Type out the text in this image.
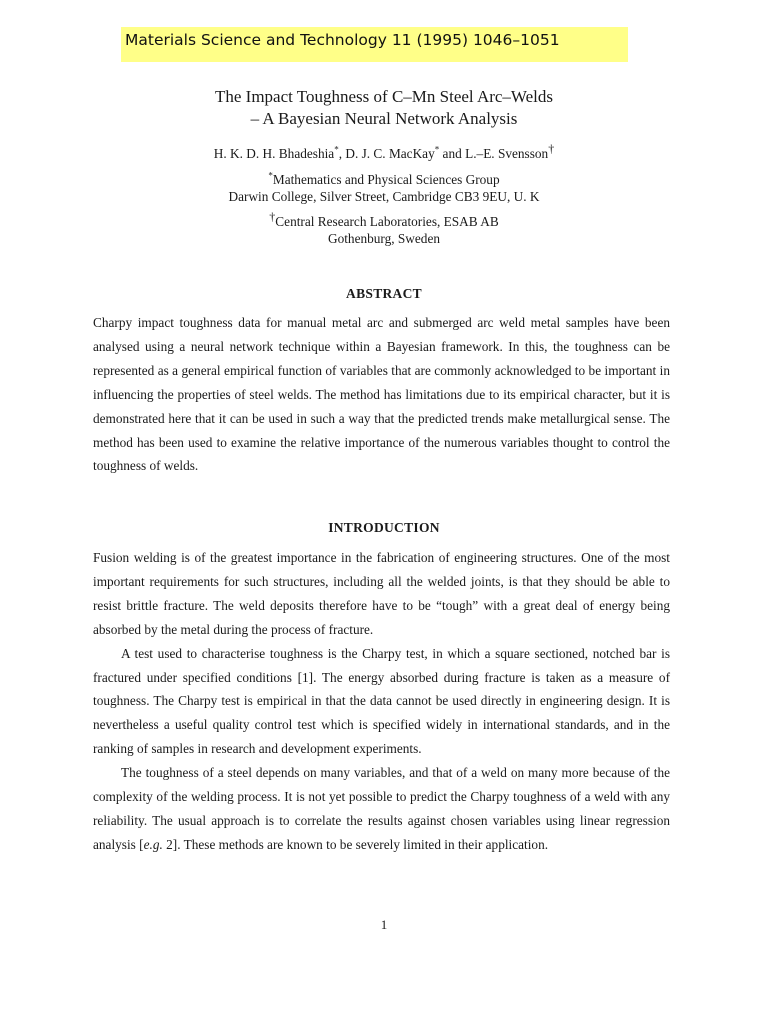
Materials Science and Technology 11 (1995) 1046–1051
The Impact Toughness of C–Mn Steel Arc–Welds
– A Bayesian Neural Network Analysis
H. K. D. H. Bhadeshia*, D. J. C. MacKay* and L.–E. Svensson†
*Mathematics and Physical Sciences Group
Darwin College, Silver Street, Cambridge CB3 9EU, U. K
†Central Research Laboratories, ESAB AB
Gothenburg, Sweden
ABSTRACT

Charpy impact toughness data for manual metal arc and submerged arc weld metal samples have been analysed using a neural network technique within a Bayesian framework. In this, the toughness can be represented as a general empirical function of variables that are commonly acknowledged to be important in influencing the properties of steel welds. The method has limitations due to its empirical character, but it is demonstrated here that it can be used in such a way that the predicted trends make metallurgical sense. The method has been used to examine the relative importance of the numerous variables thought to control the toughness of welds.

INTRODUCTION

Fusion welding is of the greatest importance in the fabrication of engineering structures. One of the most important requirements for such structures, including all the welded joints, is that they should be able to resist brittle fracture. The weld deposits therefore have to be “tough” with a great deal of energy being absorbed by the metal during the process of fracture.

A test used to characterise toughness is the Charpy test, in which a square sectioned, notched bar is fractured under specified conditions [1]. The energy absorbed during fracture is taken as a measure of toughness. The Charpy test is empirical in that the data cannot be used directly in engineering design. It is nevertheless a useful quality control test which is specified widely in international standards, and in the ranking of samples in research and development experiments.

The toughness of a steel depends on many variables, and that of a weld on many more because of the complexity of the welding process. It is not yet possible to predict the Charpy toughness of a weld with any reliability. The usual approach is to correlate the results against chosen variables using linear regression analysis [e.g. 2]. These methods are known to be severely limited in their application.

1
